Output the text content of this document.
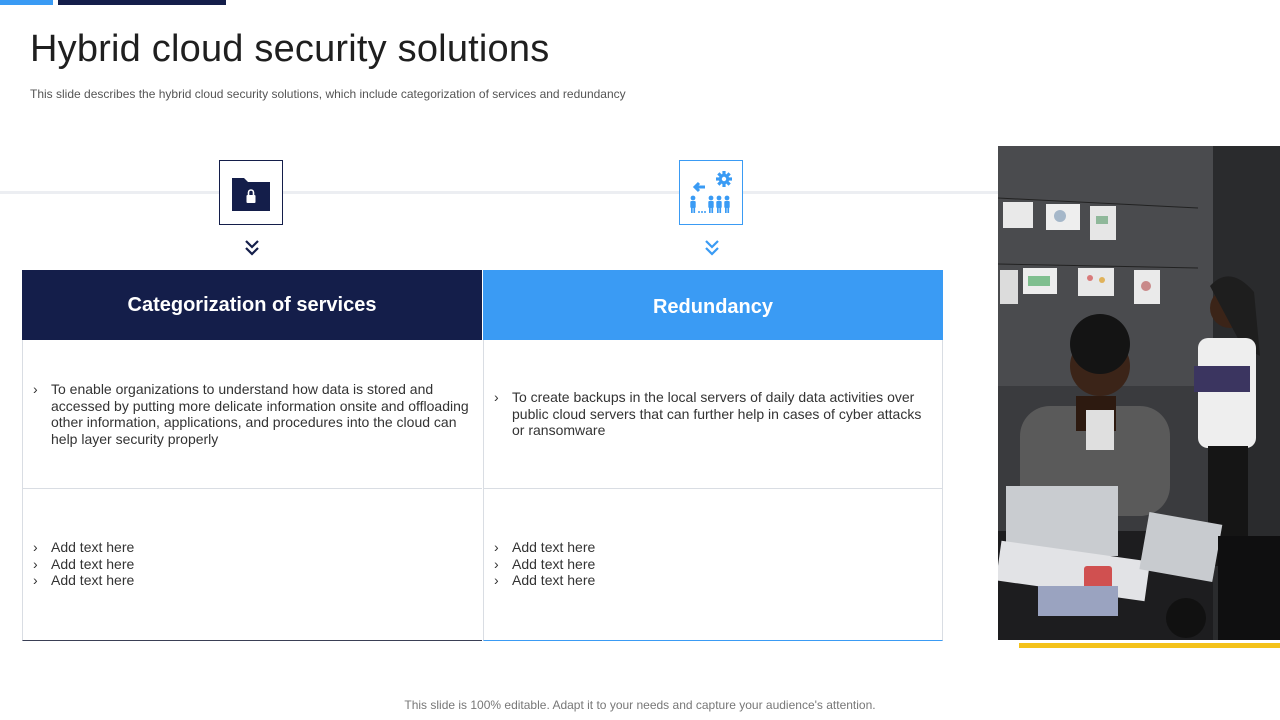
Hybrid cloud security solutions

This slide describes the hybrid cloud security solutions, which include categorization of services and redundancy

Categorization of services
› To enable organizations to understand how data is stored and accessed by putting more delicate information onsite and offloading other information, applications, and procedures into the cloud can help layer security properly
› Add text here
› Add text here
› Add text here
Redundancy
› To create backups in the local servers of daily data activities over public cloud servers that can further help in cases of cyber attacks or ransomware
› Add text here
› Add text here
› Add text here

This slide is 100% editable. Adapt it to your needs and capture your audience's attention.
